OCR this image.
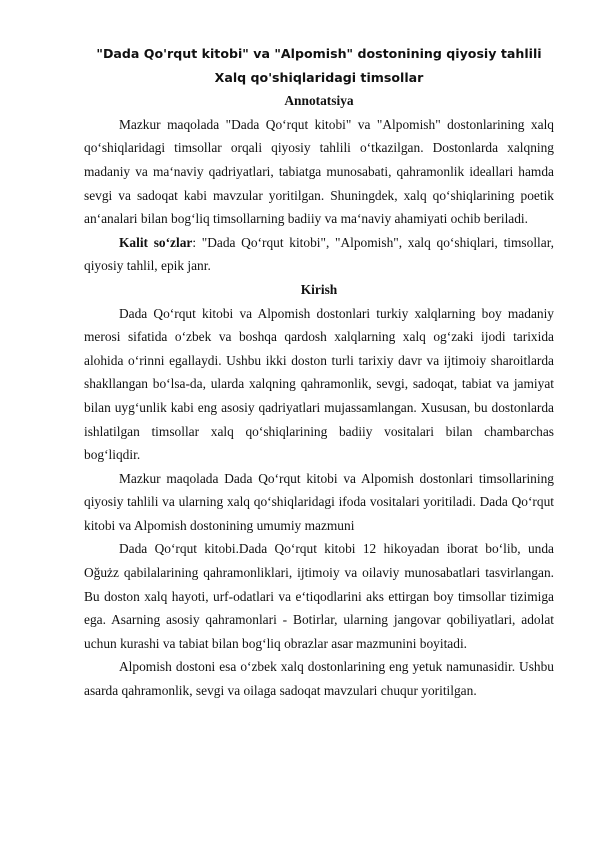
"Dada Qo'rqut kitobi" va "Alpomish" dostonining qiyosiy tahlili Xalq qo'shiqlaridagi timsollar

Annotatsiya

Mazkur maqolada "Dada Qo‘rqut kitobi" va "Alpomish" dostonlarining xalq qo‘shiqlaridagi timsollar orqali qiyosiy tahlili o‘tkazilgan. Dostonlarda xalqning madaniy va ma‘naviy qadriyatlari, tabiatga munosabati, qahramonlik ideallari hamda sevgi va sadoqat kabi mavzular yoritilgan. Shuningdek, xalq qo‘shiqlarining poetik an‘analari bilan bog‘liq timsollarning badiiy va ma‘naviy ahamiyati ochib beriladi.

Kalit so‘zlar: "Dada Qo‘rqut kitobi", "Alpomish", xalq qo‘shiqlari, timsollar, qiyosiy tahlil, epik janr.

Kirish

Dada Qo‘rqut kitobi va Alpomish dostonlari turkiy xalqlarning boy madaniy merosi sifatida o‘zbek va boshqa qardosh xalqlarning xalq og‘zaki ijodi tarixida alohida o‘rinni egallaydi. Ushbu ikki doston turli tarixiy davr va ijtimoiy sharoitlarda shakllangan bo‘lsa-da, ularda xalqning qahramonlik, sevgi, sadoqat, tabiat va jamiyat bilan uyg‘unlik kabi eng asosiy qadriyatlari mujassamlangan. Xususan, bu dostonlarda ishlatilgan timsollar xalq qo‘shiqlarining badiiy vositalari bilan chambarchas bog‘liqdir.

Mazkur maqolada Dada Qo‘rqut kitobi va Alpomish dostonlari timsollarining qiyosiy tahlili va ularning xalq qo‘shiqlaridagi ifoda vositalari yoritiladi. Dada Qo‘rqut kitobi va Alpomish dostonining umumiy mazmuni

Dada Qo‘rqut kitobi.Dada Qo‘rqut kitobi 12 hikoyadan iborat bo‘lib, unda Oğużz qabilalarining qahramonliklari, ijtimoiy va oilaviy munosabatlari tasvirlangan. Bu doston xalq hayoti, urf-odatlari va e‘tiqodlarini aks ettirgan boy timsollar tizimiga ega. Asarning asosiy qahramonlari - Botirlar, ularning jangovar qobiliyatlari, adolat uchun kurashi va tabiat bilan bog‘liq obrazlar asar mazmunini boyitadi.

Alpomish dostoni esa o‘zbek xalq dostonlarining eng yetuk namunasidir. Ushbu asarda qahramonlik, sevgi va oilaga sadoqat mavzulari chuqur yoritilgan.
